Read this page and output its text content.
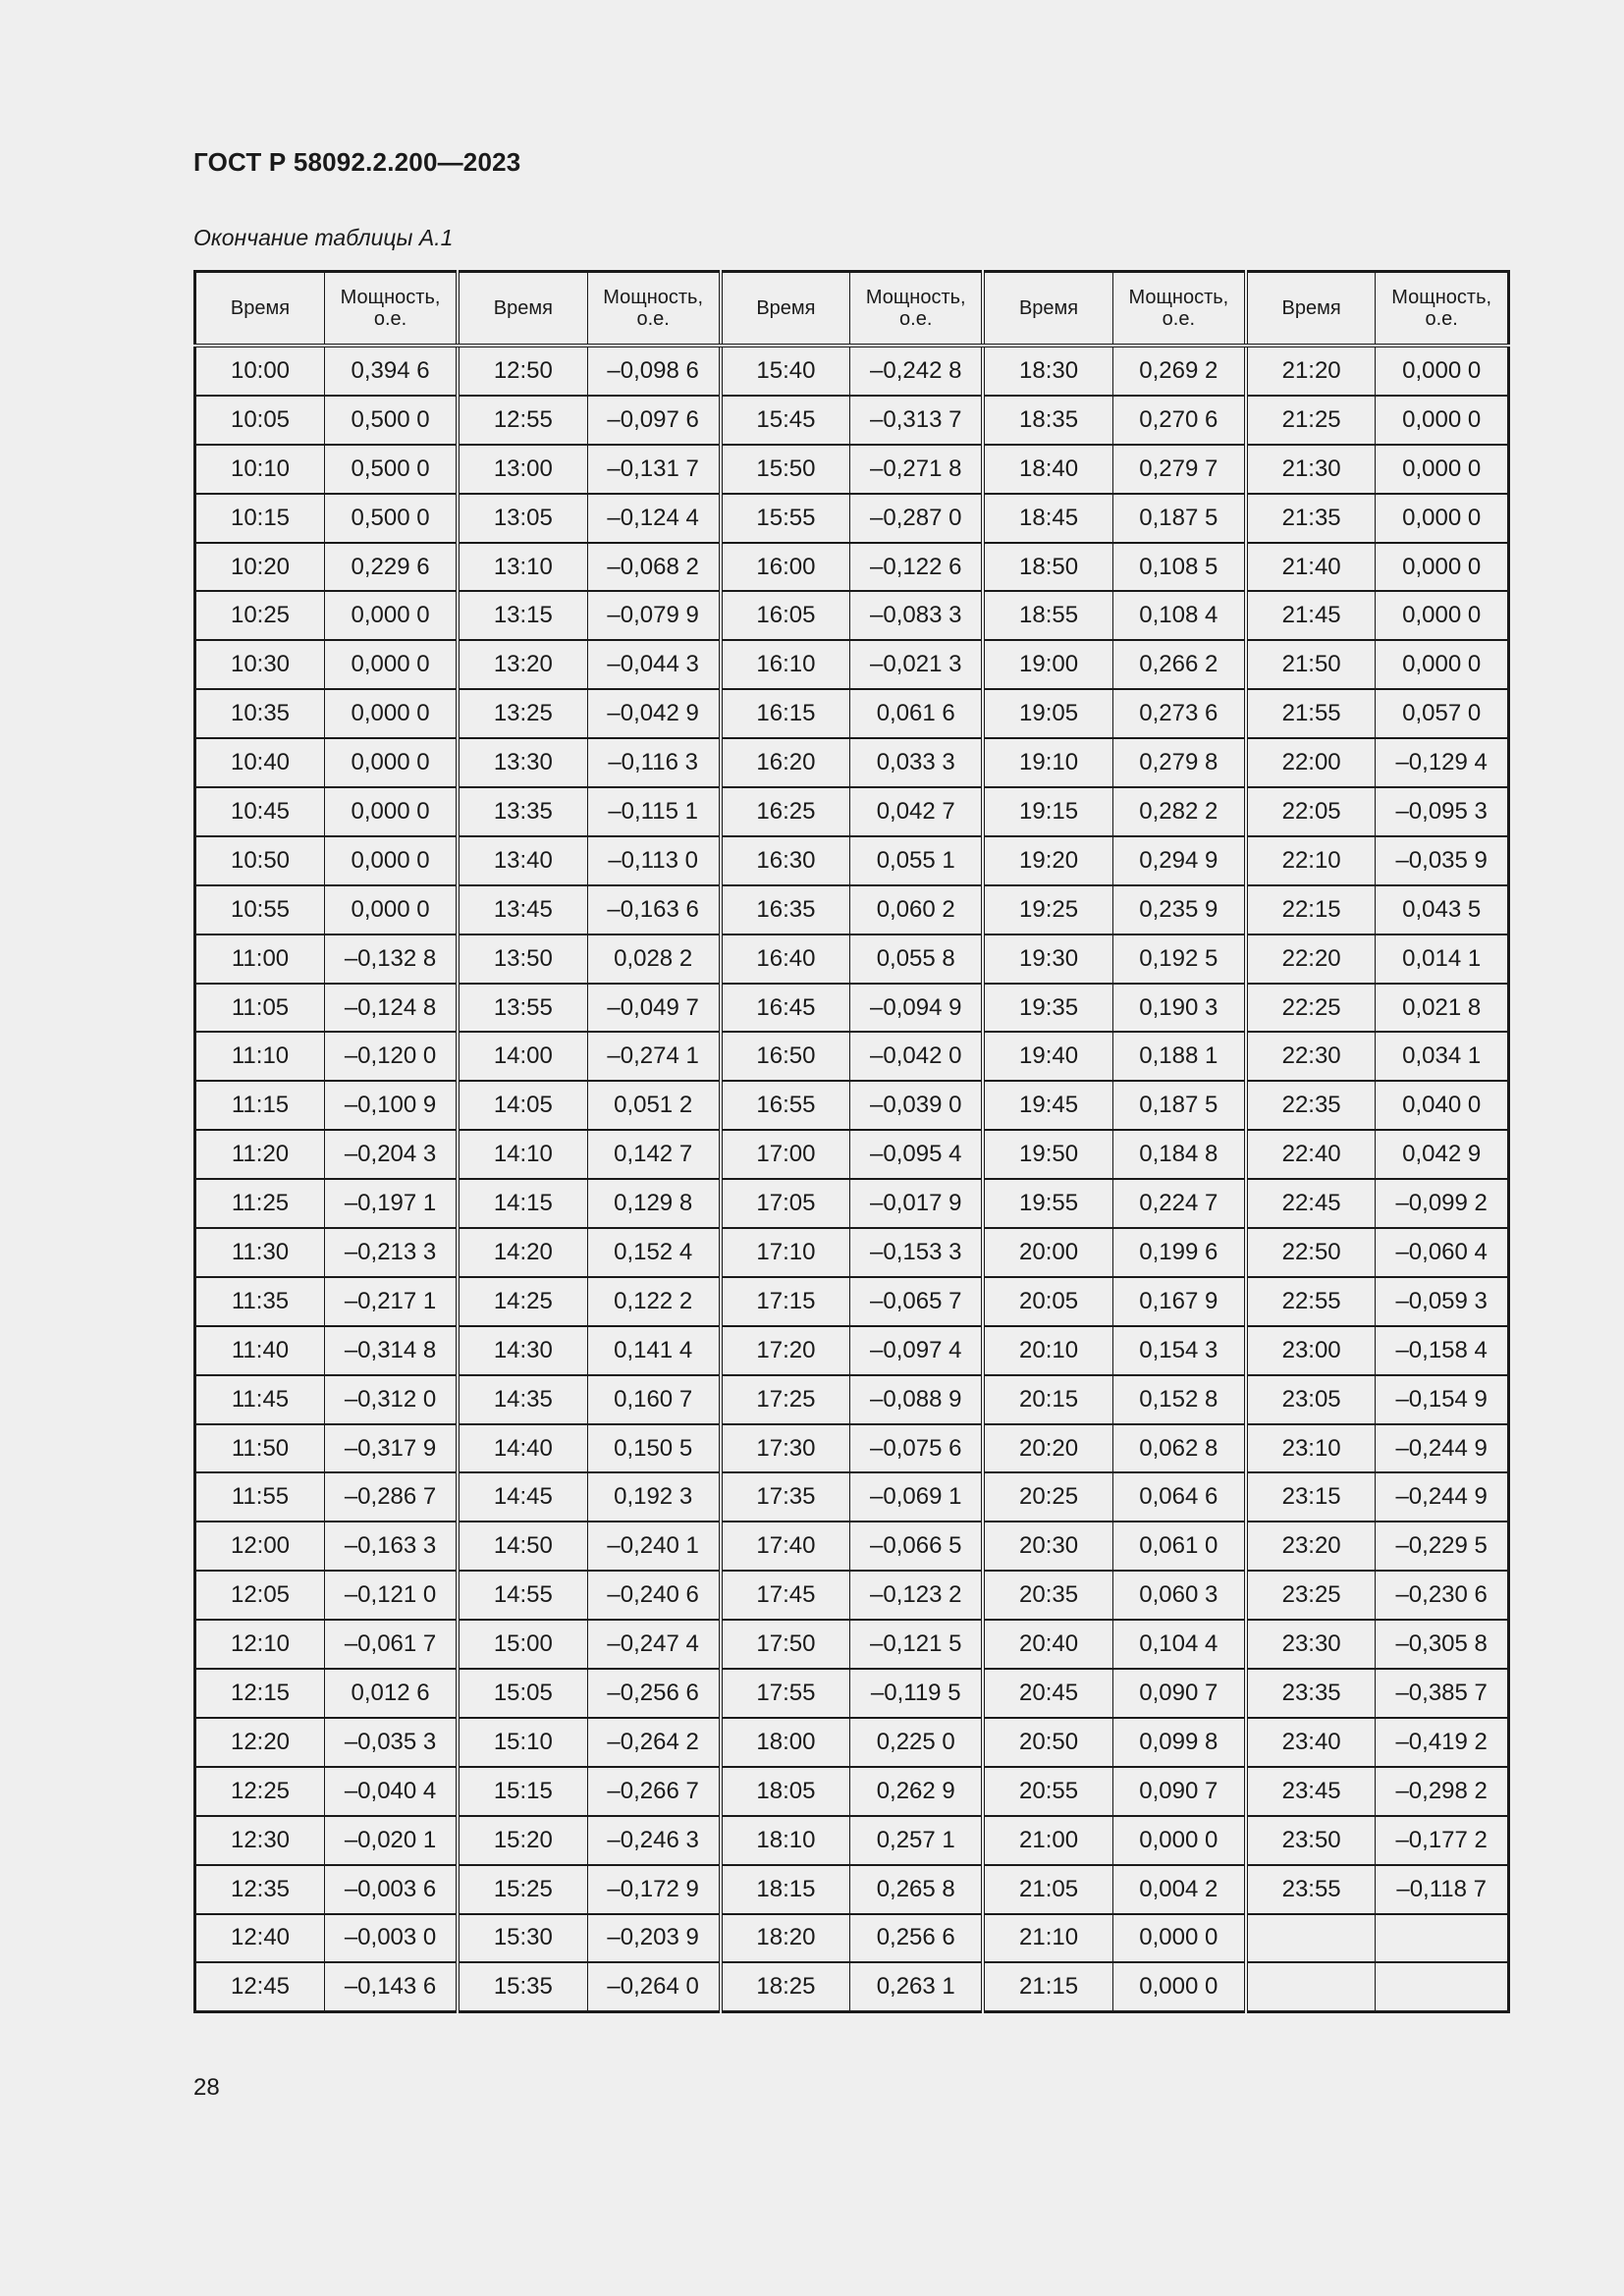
ГОСТ Р 58092.2.200—2023
Окончание таблицы А.1
Время	Мощность, о.е.	Время	Мощность, о.е.	Время	Мощность, о.е.	Время	Мощность, о.е.	Время	Мощность, о.е.
10:00	0,394 6	12:50	–0,098 6	15:40	–0,242 8	18:30	0,269 2	21:20	0,000 0
10:05	0,500 0	12:55	–0,097 6	15:45	–0,313 7	18:35	0,270 6	21:25	0,000 0
10:10	0,500 0	13:00	–0,131 7	15:50	–0,271 8	18:40	0,279 7	21:30	0,000 0
10:15	0,500 0	13:05	–0,124 4	15:55	–0,287 0	18:45	0,187 5	21:35	0,000 0
10:20	0,229 6	13:10	–0,068 2	16:00	–0,122 6	18:50	0,108 5	21:40	0,000 0
10:25	0,000 0	13:15	–0,079 9	16:05	–0,083 3	18:55	0,108 4	21:45	0,000 0
10:30	0,000 0	13:20	–0,044 3	16:10	–0,021 3	19:00	0,266 2	21:50	0,000 0
10:35	0,000 0	13:25	–0,042 9	16:15	0,061 6	19:05	0,273 6	21:55	0,057 0
10:40	0,000 0	13:30	–0,116 3	16:20	0,033 3	19:10	0,279 8	22:00	–0,129 4
10:45	0,000 0	13:35	–0,115 1	16:25	0,042 7	19:15	0,282 2	22:05	–0,095 3
10:50	0,000 0	13:40	–0,113 0	16:30	0,055 1	19:20	0,294 9	22:10	–0,035 9
10:55	0,000 0	13:45	–0,163 6	16:35	0,060 2	19:25	0,235 9	22:15	0,043 5
11:00	–0,132 8	13:50	0,028 2	16:40	0,055 8	19:30	0,192 5	22:20	0,014 1
11:05	–0,124 8	13:55	–0,049 7	16:45	–0,094 9	19:35	0,190 3	22:25	0,021 8
11:10	–0,120 0	14:00	–0,274 1	16:50	–0,042 0	19:40	0,188 1	22:30	0,034 1
11:15	–0,100 9	14:05	0,051 2	16:55	–0,039 0	19:45	0,187 5	22:35	0,040 0
11:20	–0,204 3	14:10	0,142 7	17:00	–0,095 4	19:50	0,184 8	22:40	0,042 9
11:25	–0,197 1	14:15	0,129 8	17:05	–0,017 9	19:55	0,224 7	22:45	–0,099 2
11:30	–0,213 3	14:20	0,152 4	17:10	–0,153 3	20:00	0,199 6	22:50	–0,060 4
11:35	–0,217 1	14:25	0,122 2	17:15	–0,065 7	20:05	0,167 9	22:55	–0,059 3
11:40	–0,314 8	14:30	0,141 4	17:20	–0,097 4	20:10	0,154 3	23:00	–0,158 4
11:45	–0,312 0	14:35	0,160 7	17:25	–0,088 9	20:15	0,152 8	23:05	–0,154 9
11:50	–0,317 9	14:40	0,150 5	17:30	–0,075 6	20:20	0,062 8	23:10	–0,244 9
11:55	–0,286 7	14:45	0,192 3	17:35	–0,069 1	20:25	0,064 6	23:15	–0,244 9
12:00	–0,163 3	14:50	–0,240 1	17:40	–0,066 5	20:30	0,061 0	23:20	–0,229 5
12:05	–0,121 0	14:55	–0,240 6	17:45	–0,123 2	20:35	0,060 3	23:25	–0,230 6
12:10	–0,061 7	15:00	–0,247 4	17:50	–0,121 5	20:40	0,104 4	23:30	–0,305 8
12:15	0,012 6	15:05	–0,256 6	17:55	–0,119 5	20:45	0,090 7	23:35	–0,385 7
12:20	–0,035 3	15:10	–0,264 2	18:00	0,225 0	20:50	0,099 8	23:40	–0,419 2
12:25	–0,040 4	15:15	–0,266 7	18:05	0,262 9	20:55	0,090 7	23:45	–0,298 2
12:30	–0,020 1	15:20	–0,246 3	18:10	0,257 1	21:00	0,000 0	23:50	–0,177 2
12:35	–0,003 6	15:25	–0,172 9	18:15	0,265 8	21:05	0,004 2	23:55	–0,118 7
12:40	–0,003 0	15:30	–0,203 9	18:20	0,256 6	21:10	0,000 0		
12:45	–0,143 6	15:35	–0,264 0	18:25	0,263 1	21:15	0,000 0		
28
